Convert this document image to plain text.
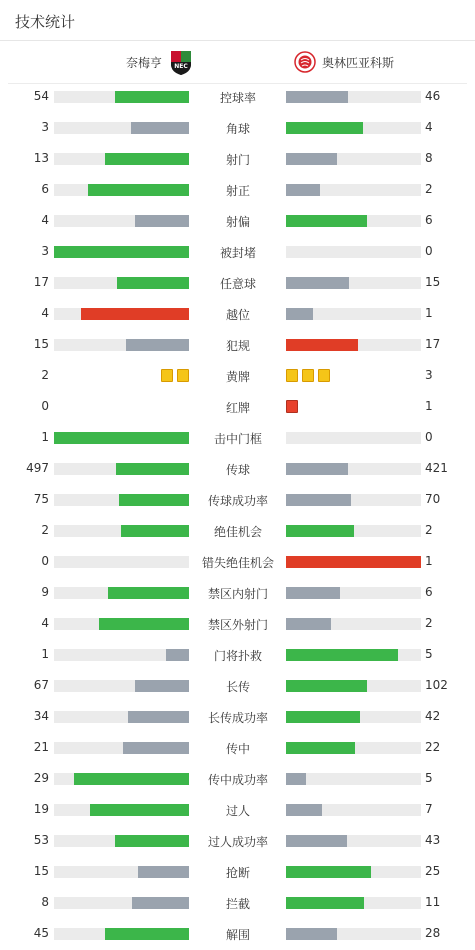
技术统计
奈梅亨 NEC	奥林匹亚科斯
54	控球率	46
3	角球	4
13	射门	8
6	射正	2
4	射偏	6
3	被封堵	0
17	任意球	15
4	越位	1
15	犯规	17
2	黄牌	3
0	红牌	1
1	击中门框	0
497	传球	421
75	传球成功率	70
2	绝佳机会	2
0	错失绝佳机会	1
9	禁区内射门	6
4	禁区外射门	2
1	门将扑救	5
67	长传	102
34	长传成功率	42
21	传中	22
29	传中成功率	5
19	过人	7
53	过人成功率	43
15	抢断	25
8	拦截	11
45	解围	28
